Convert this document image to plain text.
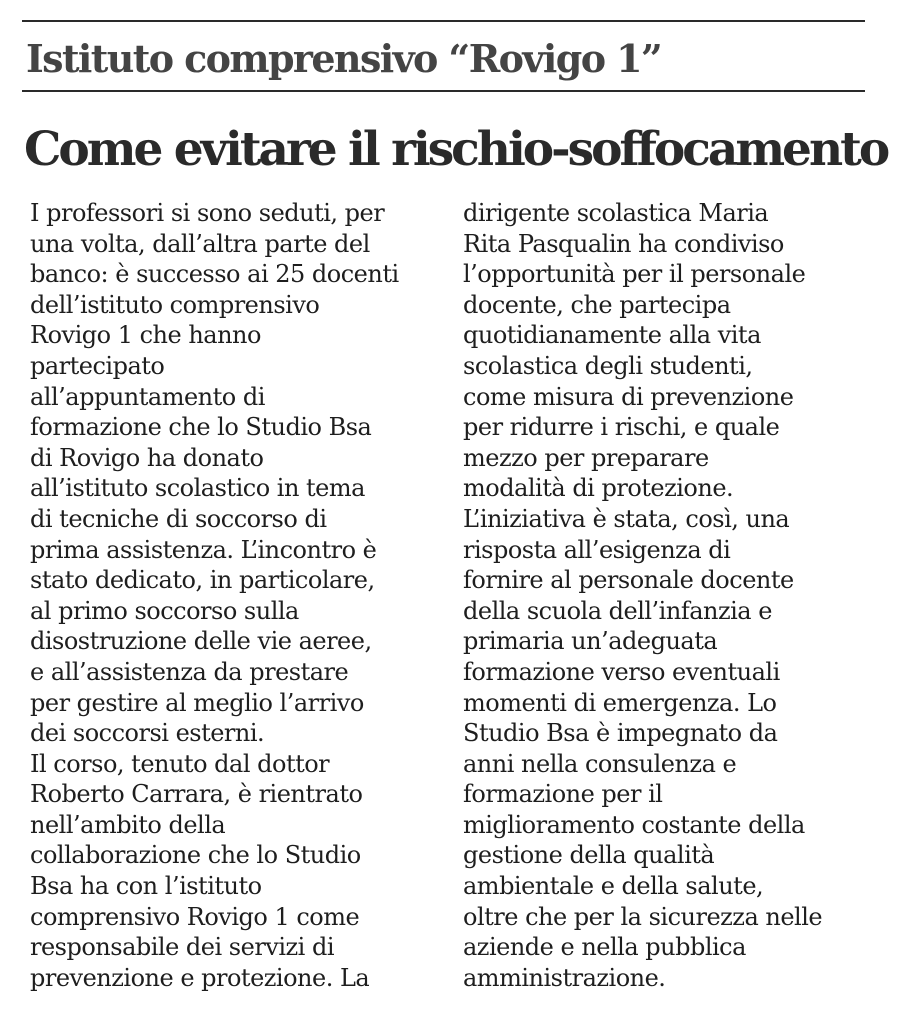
Istituto comprensivo “Rovigo 1”
Come evitare il rischio-soffocamento
I professori si sono seduti, per
una volta, dall’altra parte del
banco: è successo ai 25 docenti
dell’istituto comprensivo
Rovigo 1 che hanno
partecipato
all’appuntamento di
formazione che lo Studio Bsa
di Rovigo ha donato
all’istituto scolastico in tema
di tecniche di soccorso di
prima assistenza. L’incontro è
stato dedicato, in particolare,
al primo soccorso sulla
disostruzione delle vie aeree,
e all’assistenza da prestare
per gestire al meglio l’arrivo
dei soccorsi esterni.
Il corso, tenuto dal dottor
Roberto Carrara, è rientrato
nell’ambito della
collaborazione che lo Studio
Bsa ha con l’istituto
comprensivo Rovigo 1 come
responsabile dei servizi di
prevenzione e protezione. La
dirigente scolastica Maria
Rita Pasqualin ha condiviso
l’opportunità per il personale
docente, che partecipa
quotidianamente alla vita
scolastica degli studenti,
come misura di prevenzione
per ridurre i rischi, e quale
mezzo per preparare
modalità di protezione.
L’iniziativa è stata, così, una
risposta all’esigenza di
fornire al personale docente
della scuola dell’infanzia e
primaria un’adeguata
formazione verso eventuali
momenti di emergenza. Lo
Studio Bsa è impegnato da
anni nella consulenza e
formazione per il
miglioramento costante della
gestione della qualità
ambientale e della salute,
oltre che per la sicurezza nelle
aziende e nella pubblica
amministrazione.
